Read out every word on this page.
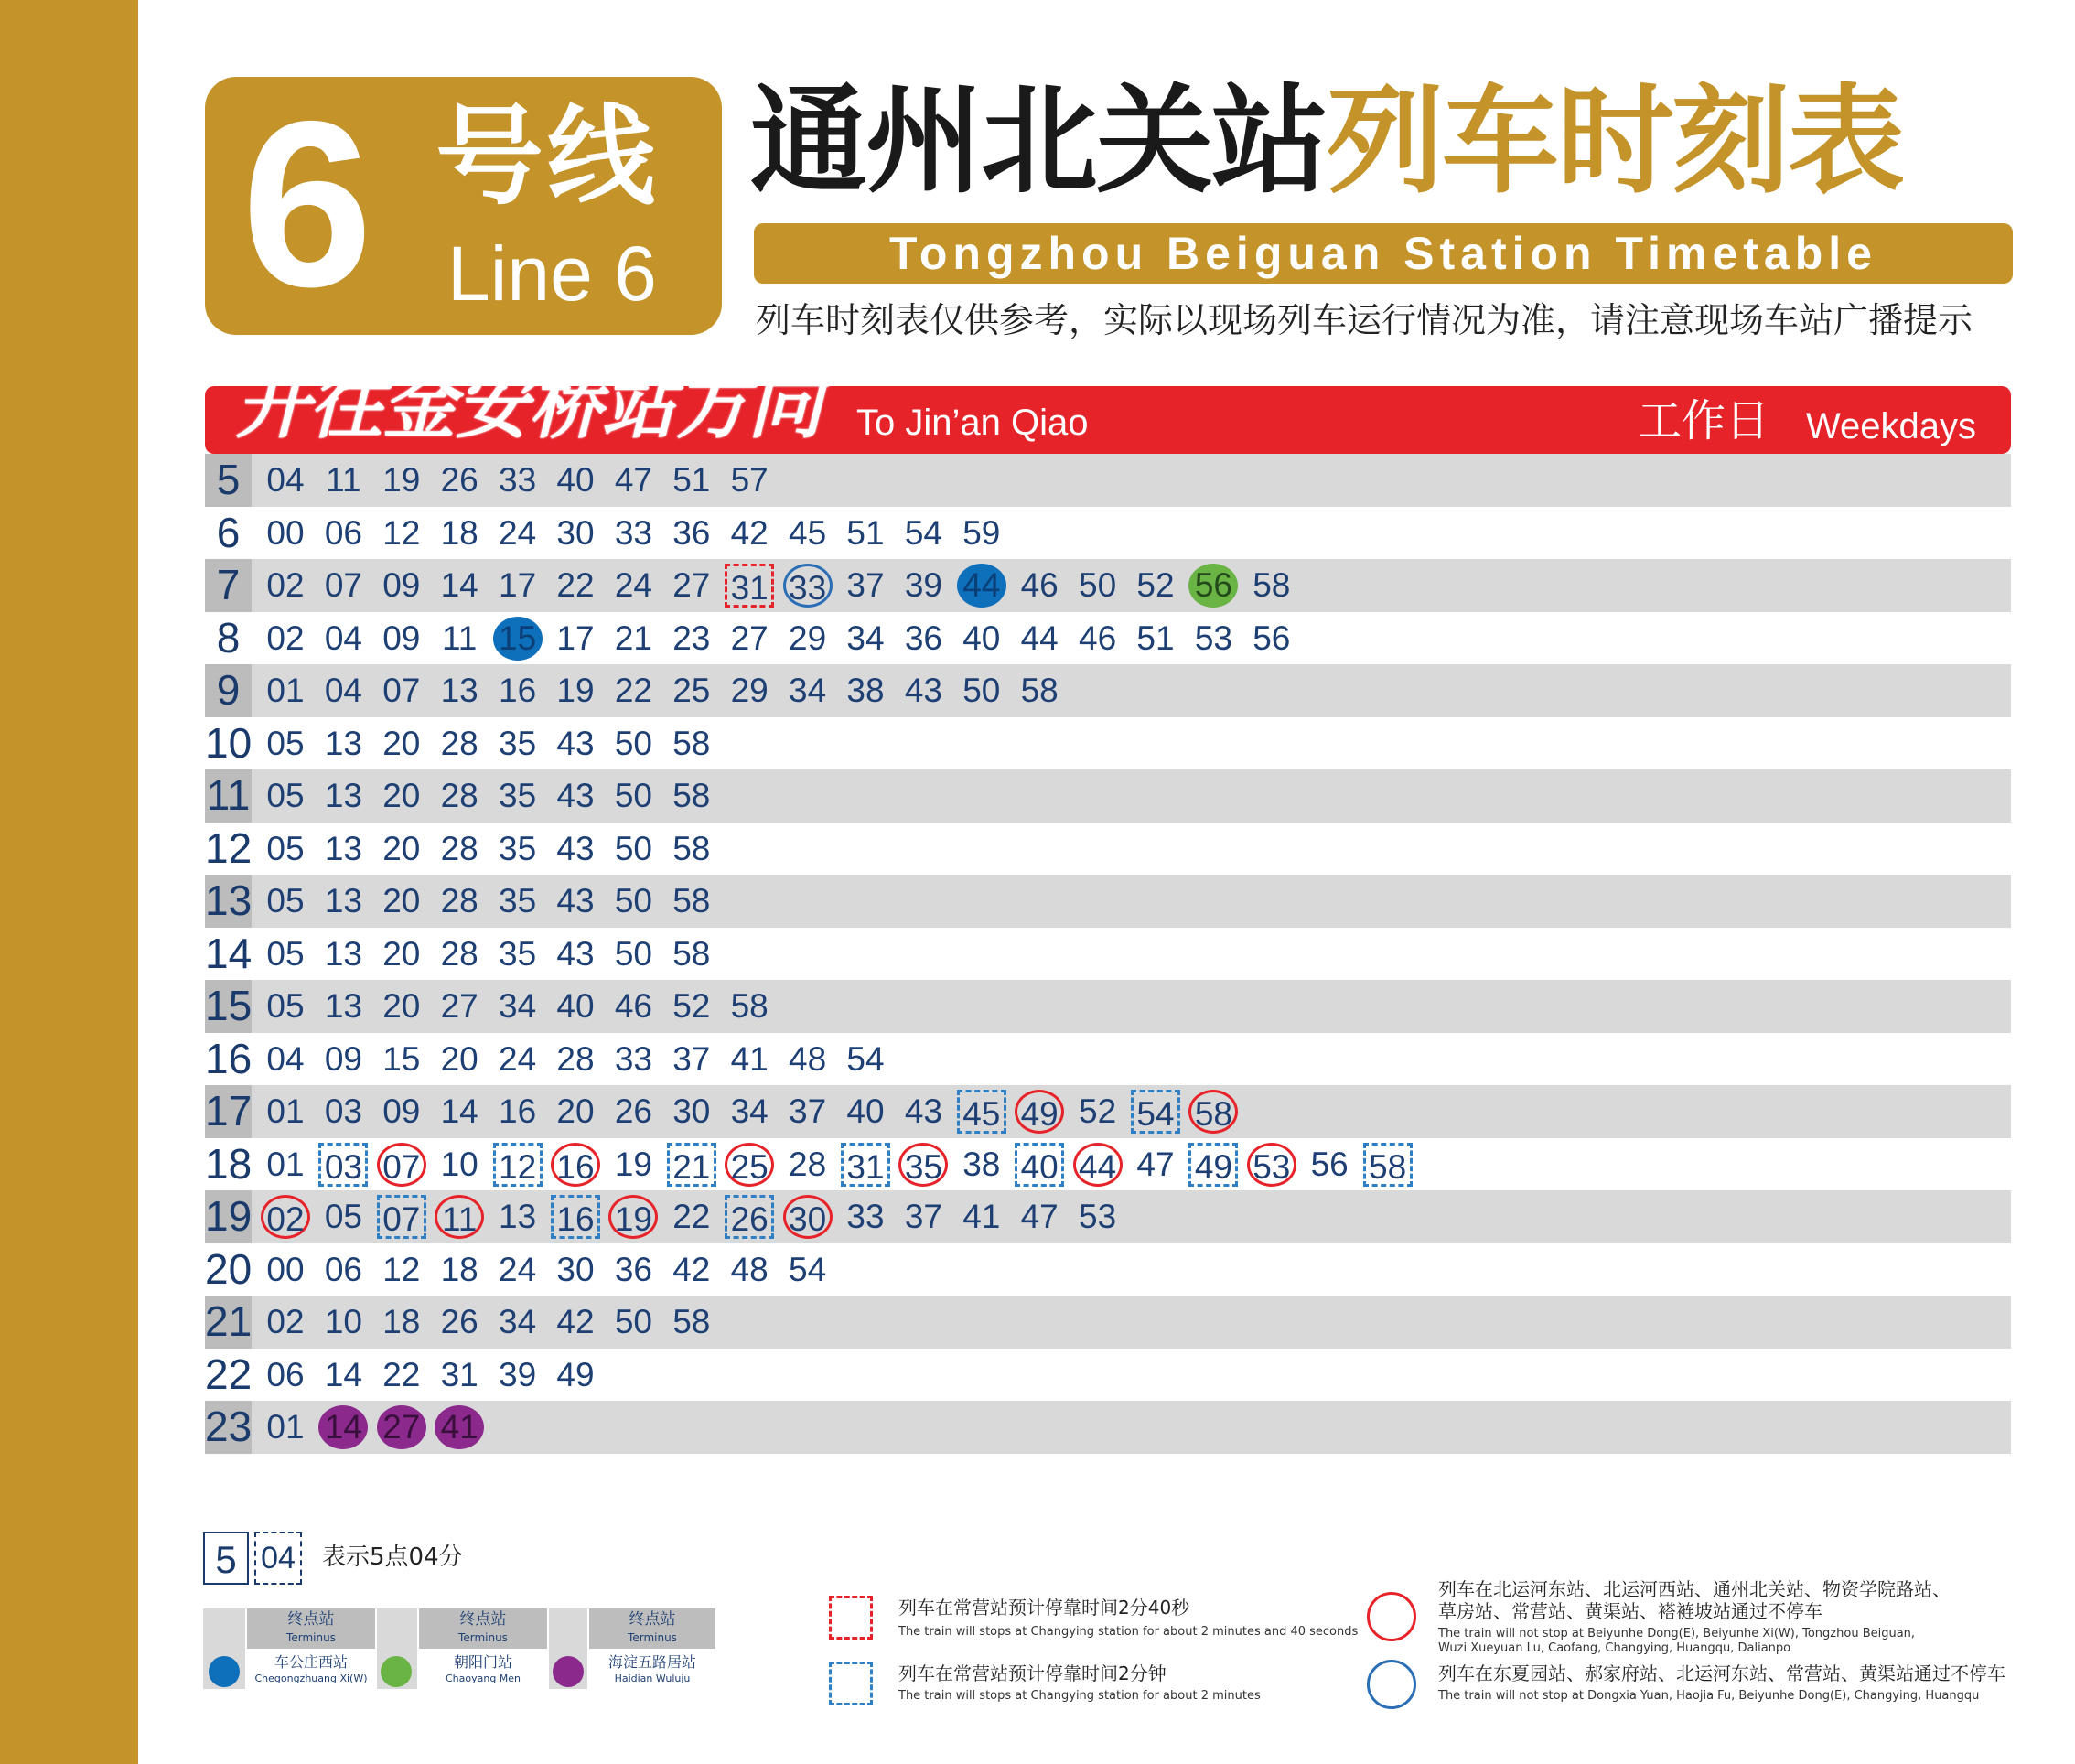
6 号线
Line 6
通州北关站列车时刻表
Tongzhou Beiguan Station Timetable
列车时刻表仅供参考，实际以现场列车运行情况为准，请注意现场车站广播提示
开往金安桥站方向 To Jin’an Qiao	工作日 Weekdays
5 04 11 19 26 33 40 47 51 57
6 00 06 12 18 24 30 33 36 42 45 51 54 59
7 02 07 09 14 17 22 24 27 31 33 37 39 44 46 50 52 56 58
8 02 04 09 11 15 17 21 23 27 29 34 36 40 44 46 51 53 56
9 01 04 07 13 16 19 22 25 29 34 38 43 50 58
10 05 13 20 28 35 43 50 58
11 05 13 20 28 35 43 50 58
12 05 13 20 28 35 43 50 58
13 05 13 20 28 35 43 50 58
14 05 13 20 28 35 43 50 58
15 05 13 20 27 34 40 46 52 58
16 04 09 15 20 24 28 33 37 41 48 54
17 01 03 09 14 16 20 26 30 34 37 40 43 45 49 52 54 58
18 01 03 07 10 12 16 19 21 25 28 31 35 38 40 44 47 49 53 56 58
19 02 05 07 11 13 16 19 22 26 30 33 37 41 47 53
20 00 06 12 18 24 30 36 42 48 54
21 02 10 18 26 34 42 50 58
22 06 14 22 31 39 49
23 01 14 27 41
5 04 表示5点04分
终点站
Terminus
终点站
Terminus
终点站
Terminus
车公庄西站
Chegongzhuang Xi(W)
朝阳门站
Chaoyang Men
海淀五路居站
Haidian Wuluju
列车在常营站预计停靠时间2分40秒
The train will stops at Changying station for about 2 minutes and 40 seconds
列车在常营站预计停靠时间2分钟
The train will stops at Changying station for about 2 minutes
列车在北运河东站、北运河西站、通州北关站、物资学院路站、
草房站、常营站、黄渠站、褡裢坡站通过不停车
The train will not stop at Beiyunhe Dong(E), Beiyunhe Xi(W), Tongzhou Beiguan,
Wuzi Xueyuan Lu, Caofang, Changying, Huangqu, Dalianpo
列车在东夏园站、郝家府站、北运河东站、常营站、黄渠站通过不停车
The train will not stop at Dongxia Yuan, Haojia Fu, Beiyunhe Dong(E), Changying, Huangqu
